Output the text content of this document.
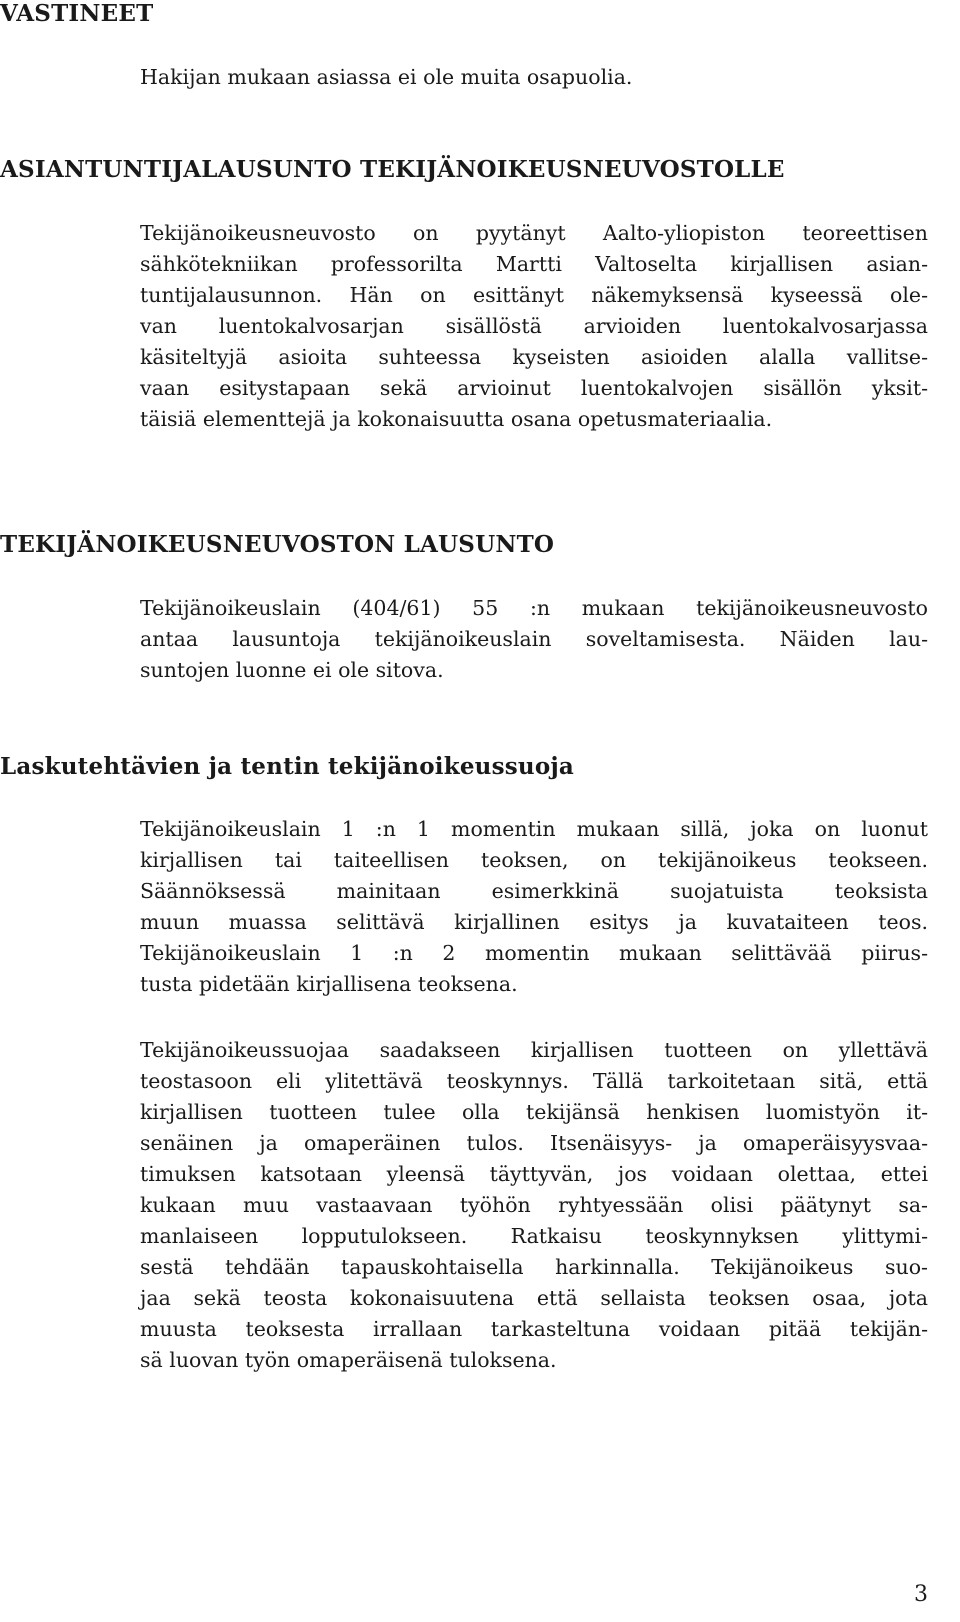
VASTINEET
Hakijan mukaan asiassa ei ole muita osapuolia.
ASIANTUNTIJALAUSUNTO TEKIJÄNOIKEUSNEUVOSTOLLE
Tekijänoikeusneuvosto on pyytänyt Aalto-yliopiston teoreettisen
sähkötekniikan professorilta Martti Valtoselta kirjallisen asian-
tuntijalausunnon. Hän on esittänyt näkemyksensä kyseessä ole-
van luentokalvosarjan sisällöstä arvioiden luentokalvosarjassa
käsiteltyjä asioita suhteessa kyseisten asioiden alalla vallitse-
vaan esitystapaan sekä arvioinut luentokalvojen sisällön yksit-
täisiä elementtejä ja kokonaisuutta osana opetusmateriaalia.
TEKIJÄNOIKEUSNEUVOSTON LAUSUNTO
Tekijänoikeuslain (404/61) 55 :n mukaan tekijänoikeusneuvosto
antaa lausuntoja tekijänoikeuslain soveltamisesta. Näiden lau-
suntojen luonne ei ole sitova.
Laskutehtävien ja tentin tekijänoikeussuoja
Tekijänoikeuslain 1 :n 1 momentin mukaan sillä, joka on luonut
kirjallisen tai taiteellisen teoksen, on tekijänoikeus teokseen.
Säännöksessä mainitaan esimerkkinä suojatuista teoksista
muun muassa selittävä kirjallinen esitys ja kuvataiteen teos.
Tekijänoikeuslain 1 :n 2 momentin mukaan selittävää piirus-
tusta pidetään kirjallisena teoksena.
Tekijänoikeussuojaa saadakseen kirjallisen tuotteen on yllettävä
teostasoon eli ylitettävä teoskynnys. Tällä tarkoitetaan sitä, että
kirjallisen tuotteen tulee olla tekijänsä henkisen luomistyön it-
senäinen ja omaperäinen tulos. Itsenäisyys- ja omaperäisyysvaa-
timuksen katsotaan yleensä täyttyvän, jos voidaan olettaa, ettei
kukaan muu vastaavaan työhön ryhtyessään olisi päätynyt sa-
manlaiseen lopputulokseen. Ratkaisu teoskynnyksen ylittymi-
sestä tehdään tapauskohtaisella harkinnalla. Tekijänoikeus suo-
jaa sekä teosta kokonaisuutena että sellaista teoksen osaa, jota
muusta teoksesta irrallaan tarkasteltuna voidaan pitää tekijän-
sä luovan työn omaperäisenä tuloksena.
3
